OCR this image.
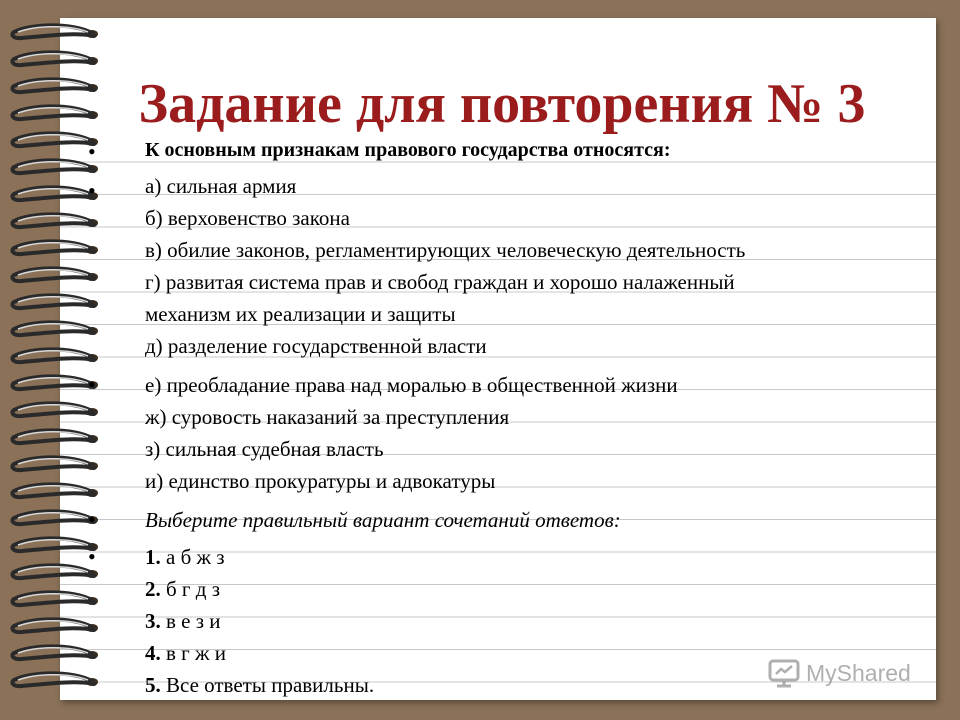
Задание для повторения № 3
•
•
•
•
•
К основным признакам правового государства относятся:
а) сильная армия
б) верховенство закона
в) обилие законов, регламентирующих человеческую деятельность
г) развитая система прав и свобод граждан и хорошо налаженный
механизм их реализации и защиты
д) разделение государственной власти
е) преобладание права над моралью в общественной жизни
ж) суровость наказаний за преступления
з) сильная судебная власть
и) единство прокуратуры и адвокатуры
Выберите правильный вариант сочетаний ответов:
1. а б ж з
2. б г д з
3. в е з и
4. в г ж и
5. Все ответы правильны.	MyShared
